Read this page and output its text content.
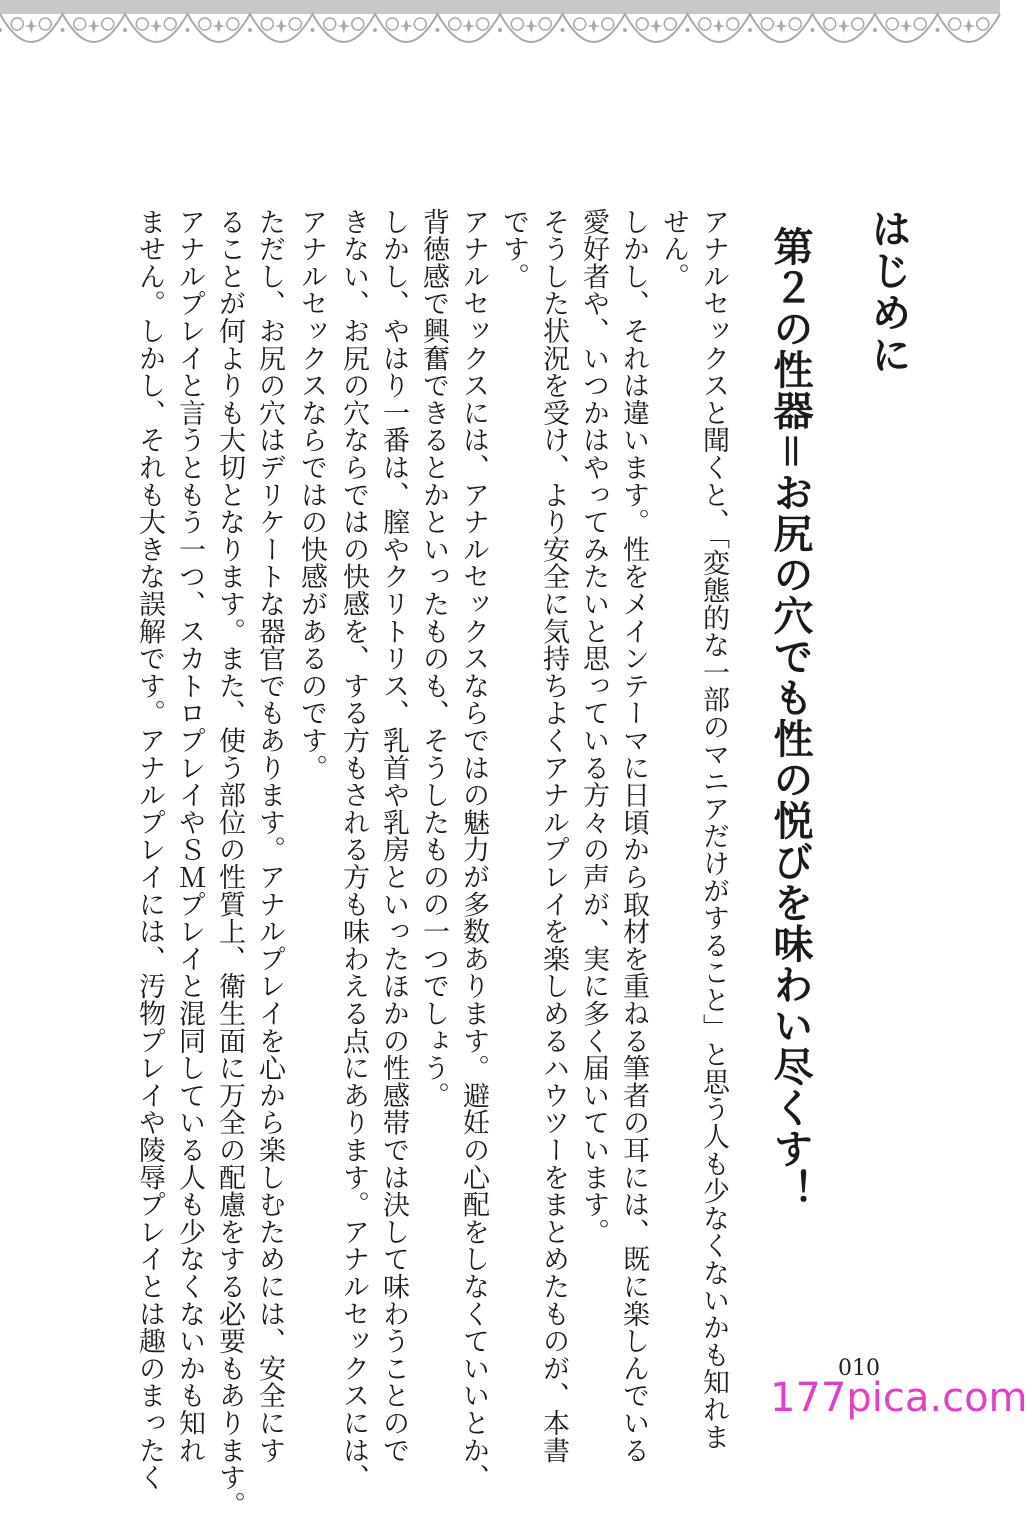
はじめに
第２の性器＝お尻の穴でも性の悦びを味わい尽くす！
アナルセックスと聞くと、「変態的な一部のマニアだけがすること」と思う人も少なくないかも知れま
せん。
しかし、それは違います。性をメインテーマに日頃から取材を重ねる筆者の耳には、既に楽しんでいる
愛好者や、いつかはやってみたいと思っている方々の声が、実に多く届いています。
そうした状況を受け、より安全に気持ちよくアナルプレイを楽しめるハウツーをまとめたものが、本書
です。
アナルセックスには、アナルセックスならではの魅力が多数あります。避妊の心配をしなくていいとか、
背徳感で興奮できるとかといったものも、そうしたものの一つでしょう。
しかし、やはり一番は、膣やクリトリス、乳首や乳房といったほかの性感帯では決して味わうことので
きない、お尻の穴ならではの快感を、する方もされる方も味わえる点にあります。アナルセックスには、
アナルセックスならではの快感があるのです。
ただし、お尻の穴はデリケートな器官でもあります。アナルプレイを心から楽しむためには、安全にす
ることが何よりも大切となります。また、使う部位の性質上、衛生面に万全の配慮をする必要もあります。
アナルプレイと言うともう一つ、スカトロプレイやＳＭプレイと混同している人も少なくないかも知れ
ません。しかし、それも大きな誤解です。アナルプレイには、汚物プレイや陵辱プレイとは趣のまったく	010
177pica.com
